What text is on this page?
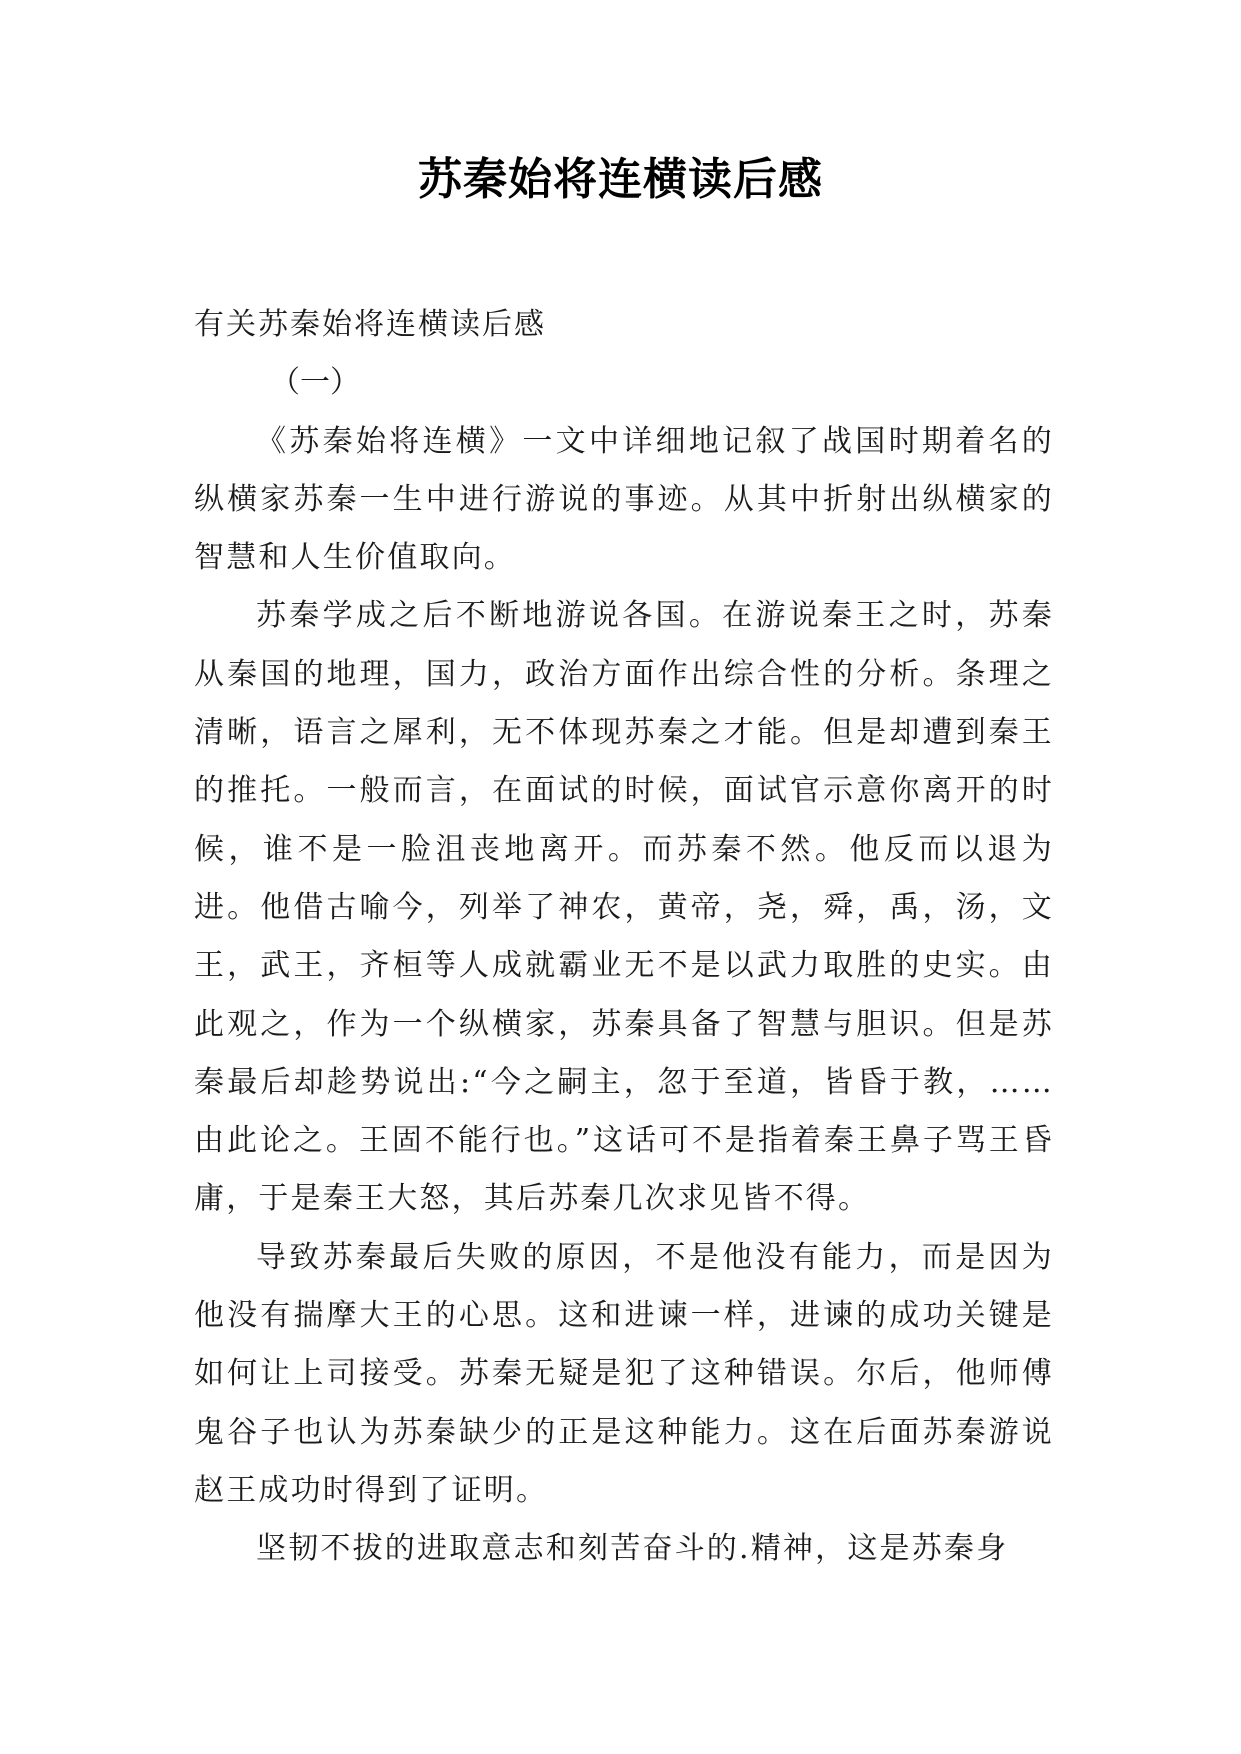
苏秦始将连横读后感
有关苏秦始将连横读后感
（一）

《苏秦始将连横》一文中详细地记叙了战国时期着名的纵横家苏秦一生中进行游说的事迹。从其中折射出纵横家的智慧和人生价值取向。

苏秦学成之后不断地游说各国。在游说秦王之时，苏秦从秦国的地理，国力，政治方面作出综合性的分析。条理之清晰，语言之犀利，无不体现苏秦之才能。但是却遭到秦王的推托。一般而言，在面试的时候，面试官示意你离开的时候，谁不是一脸沮丧地离开。而苏秦不然。他反而以退为进。他借古喻今，列举了神农，黄帝，尧，舜，禹，汤，文王，武王，齐桓等人成就霸业无不是以武力取胜的史实。由此观之，作为一个纵横家，苏秦具备了智慧与胆识。但是苏秦最后却趁势说出:“今之嗣主，忽于至道，皆昏于教，……由此论之。王固不能行也。”这话可不是指着秦王鼻子骂王昏庸，于是秦王大怒，其后苏秦几次求见皆不得。

导致苏秦最后失败的原因，不是他没有能力，而是因为他没有揣摩大王的心思。这和进谏一样，进谏的成功关键是如何让上司接受。苏秦无疑是犯了这种错误。尔后，他师傅鬼谷子也认为苏秦缺少的正是这种能力。这在后面苏秦游说赵王成功时得到了证明。

坚韧不拔的进取意志和刻苦奋斗的.精神，这是苏秦身
